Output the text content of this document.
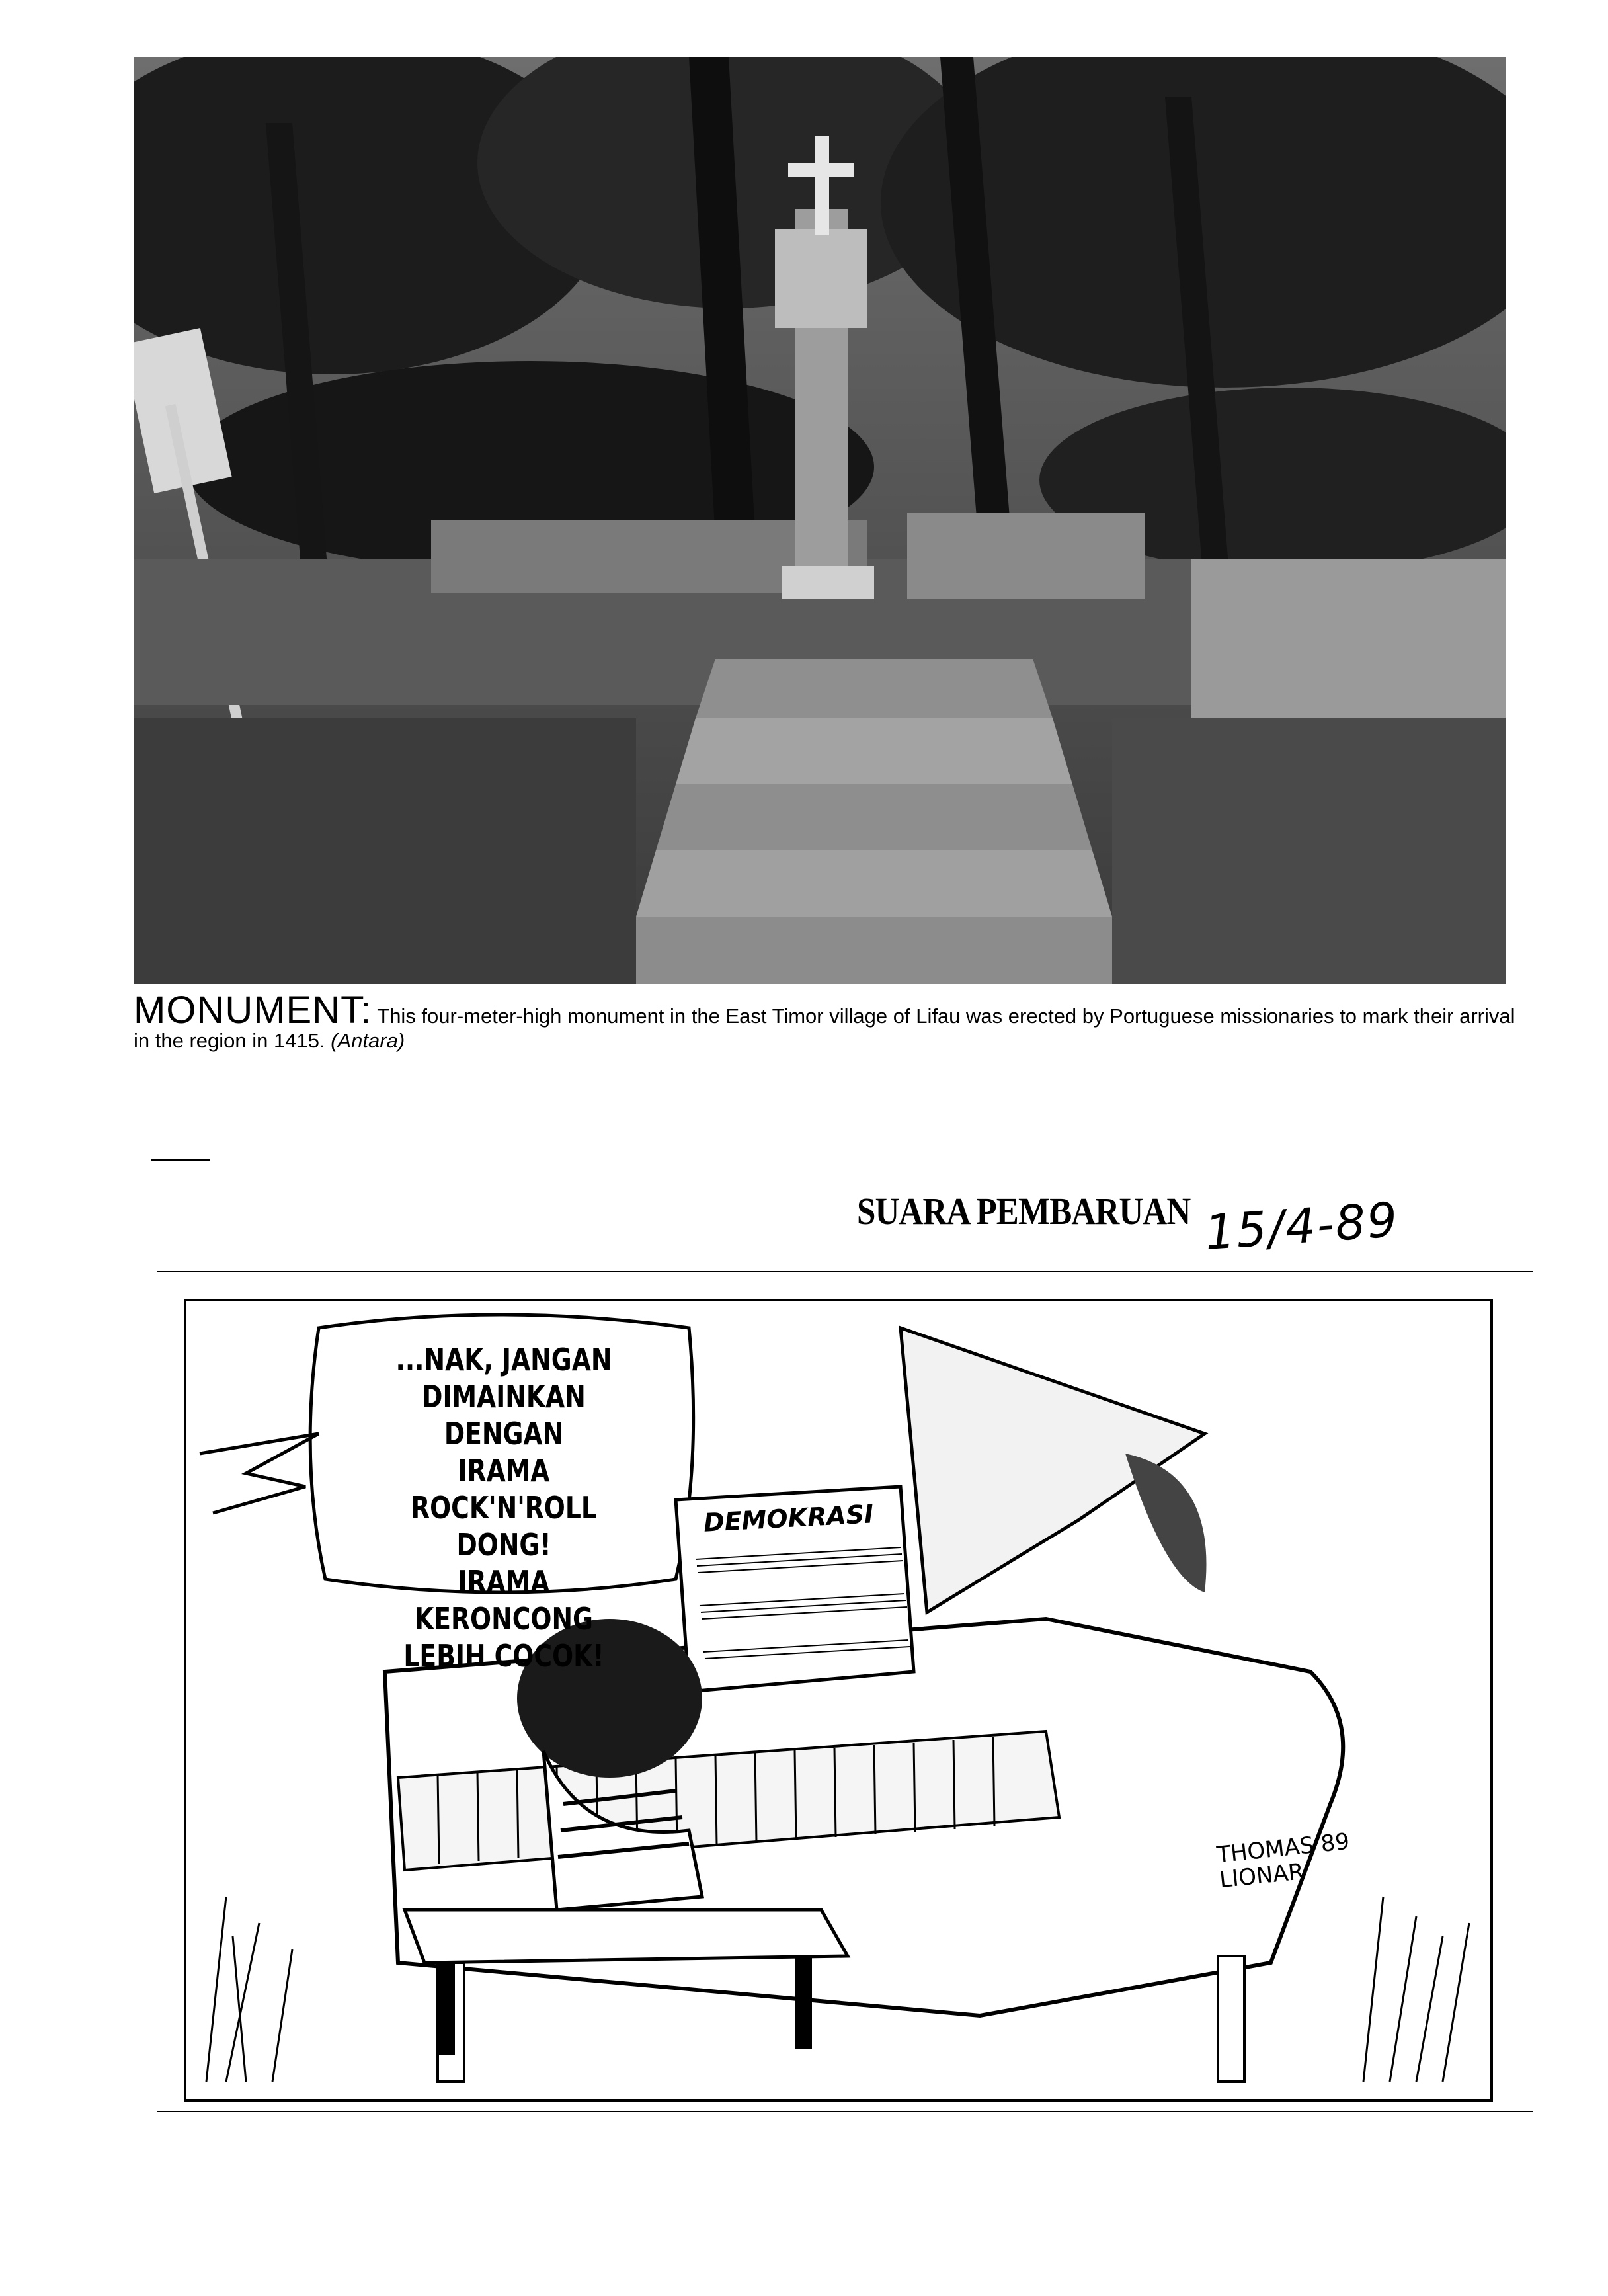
MONUMENT: This four-meter-high monument in the East Timor village of Lifau was erected by Portuguese missionaries to mark their arrival in the region in 1415. (Antara)
SUARA PEMBARUAN 15/4-89
...NAK, JANGAN
DIMAINKAN DENGAN
IRAMA ROCK'N'ROLL
DONG!
IRAMA KERONCONG
LEBIH COCOK!
DEMOKRASI
THOMAS 89
LIONAR
